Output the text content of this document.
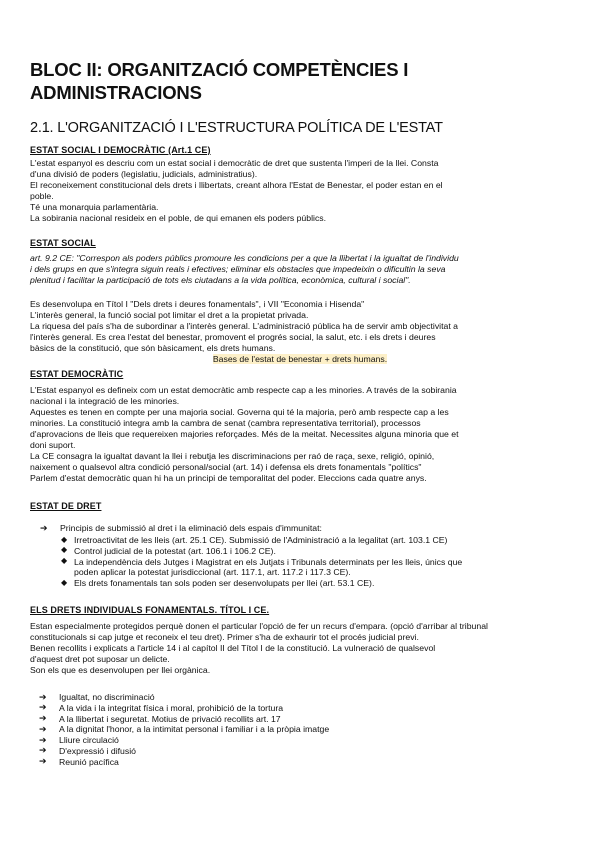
BLOC II: ORGANITZACIÓ COMPETÈNCIES I ADMINISTRACIONS
2.1. L'ORGANITZACIÓ I L'ESTRUCTURA POLÍTICA DE L'ESTAT
ESTAT SOCIAL I DEMOCRÀTIC (Art.1 CE)
L'estat espanyol es descriu com un estat social i democràtic de dret que sustenta l'imperi de la llei. Consta
d'una divisió de poders (legislatiu, judicials, administratius).
El reconeixement constitucional dels drets i llibertats, creant alhora l'Estat de Benestar, el poder estan en el
poble.
Té una monarquia parlamentària.
La sobirania nacional resideix en el poble, de qui emanen els poders públics.
ESTAT SOCIAL
art. 9.2 CE: "Correspon als poders públics promoure les condicions per a que la llibertat i la igualtat de l'individu
i dels grups en que s'integra siguin reals i efectives; eliminar els obstacles que impedeixin o dificultin la seva
plenitud i facilitar la participació de tots els ciutadans a la vida política, econòmica, cultural i social".
Es desenvolupa en Títol I "Dels drets i deures fonamentals", i VII "Economia i Hisenda"
L'interès general, la funció social pot limitar el dret a la propietat privada.
La riquesa del país s'ha de subordinar a l'interès general. L'administració pública ha de servir amb objectivitat a
l'interès general. Es crea l'estat del benestar, promovent el progrés social, la salut, etc. i els drets i deures
bàsics de la constitució, que són bàsicament, els drets humans.
Bases de l'estat de benestar + drets humans.
ESTAT DEMOCRÀTIC
L'Estat espanyol es defineix com un estat democràtic amb respecte cap a les minories. A través de la sobirania
nacional i la integració de les minories.
Aquestes es tenen en compte per una majoria social. Governa qui té la majoria, però amb respecte cap a les
minories. La constitució integra amb la cambra de senat (cambra representativa territorial), processos
d'aprovacions de lleis que requereixen majories reforçades. Més de la meitat. Necessites alguna minoria que et
doni suport.
La CE consagra la igualtat davant la llei i rebutja les discriminacions per raó de raça, sexe, religió, opinió,
naixement o qualsevol altra condició personal/social (art. 14) i defensa els drets fonamentals "polítics"
Parlem d'estat democràtic quan hi ha un principi de temporalitat del poder. Eleccions cada quatre anys.
ESTAT DE DRET
➔ Principis de submissió al dret i la eliminació dels espais d'immunitat:
◆ Irretroactivitat de les lleis (art. 25.1 CE). Submissió de l'Administració a la legalitat (art. 103.1 CE)
◆ Control judicial de la potestat (art. 106.1 i 106.2 CE).
◆ La independència dels Jutges i Magistrat en els Jutjats i Tribunals determinats per les lleis, únics que
poden aplicar la potestat jurisdiccional (art. 117.1, art. 117.2 i 117.3 CE).
◆ Els drets fonamentals tan sols poden ser desenvolupats per llei (art. 53.1 CE).
ELS DRETS INDIVIDUALS FONAMENTALS. TÍTOL I CE.
Estan especialmente protegidos perquè donen el particular l'opció de fer un recurs d'empara. (opció d'arribar al tribunal
constitucionals si cap jutge et reconeix el teu dret). Primer s'ha de exhaurir tot el procés judicial previ.
Benen recollits i explicats a l'article 14 i al capítol II del Títol I de la constitució. La vulneració de qualsevol
d'aquest dret pot suposar un delicte.
Son els que es desenvolupen per llei orgànica.
➔ Igualtat, no discriminació
➔ A la vida i la integritat física i moral, prohibició de la tortura
➔ A la llibertat i seguretat. Motius de privació recollits art. 17
➔ A la dignitat l'honor, a la intimitat personal i familiar i a la pròpia imatge
➔ Lliure circulació
➔ D'expressió i difusió
➔ Reunió pacífica
